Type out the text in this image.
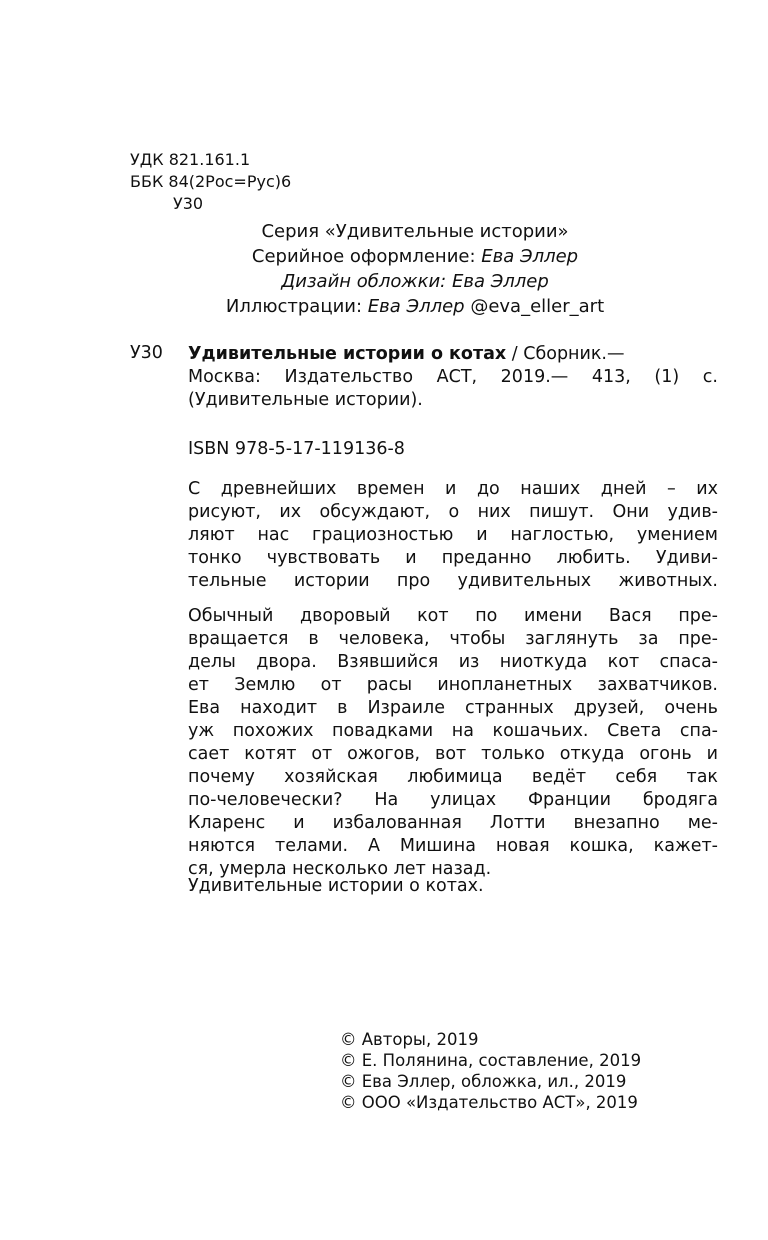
УДК 821.161.1
ББК 84(2Рос=Рус)6
У30
Серия «Удивительные истории»
Серийное оформление: Ева Эллер
Дизайн обложки: Ева Эллер
Иллюстрации: Ева Эллер @eva_eller_art
У30 Удивительные истории о котах / Сборник.—
Москва: Издательство АСТ, 2019.— 413, (1) с.
(Удивительные истории).
ISBN 978-5-17-119136-8
С древнейших времен и до наших дней – их
рисуют, их обсуждают, о них пишут. Они удив-
ляют нас грациозностью и наглостью, умением
тонко чувствовать и преданно любить. Удиви-
тельные истории про удивительных животных.
Обычный дворовый кот по имени Вася пре-
вращается в человека, чтобы заглянуть за пре-
делы двора. Взявшийся из ниоткуда кот спаса-
ет Землю от расы инопланетных захватчиков.
Ева находит в Израиле странных друзей, очень
уж похожих повадками на кошачьих. Света спа-
сает котят от ожогов, вот только откуда огонь и
почему хозяйская любимица ведёт себя так
по-человечески? На улицах Франции бродяга
Кларенс и избалованная Лотти внезапно ме-
няются телами. А Мишина новая кошка, кажет-
ся, умерла несколько лет назад.
Удивительные истории о котах.
© Авторы, 2019
© Е. Полянина, составление, 2019
© Ева Эллер, обложка, ил., 2019
© ООО «Издательство АСТ», 2019
